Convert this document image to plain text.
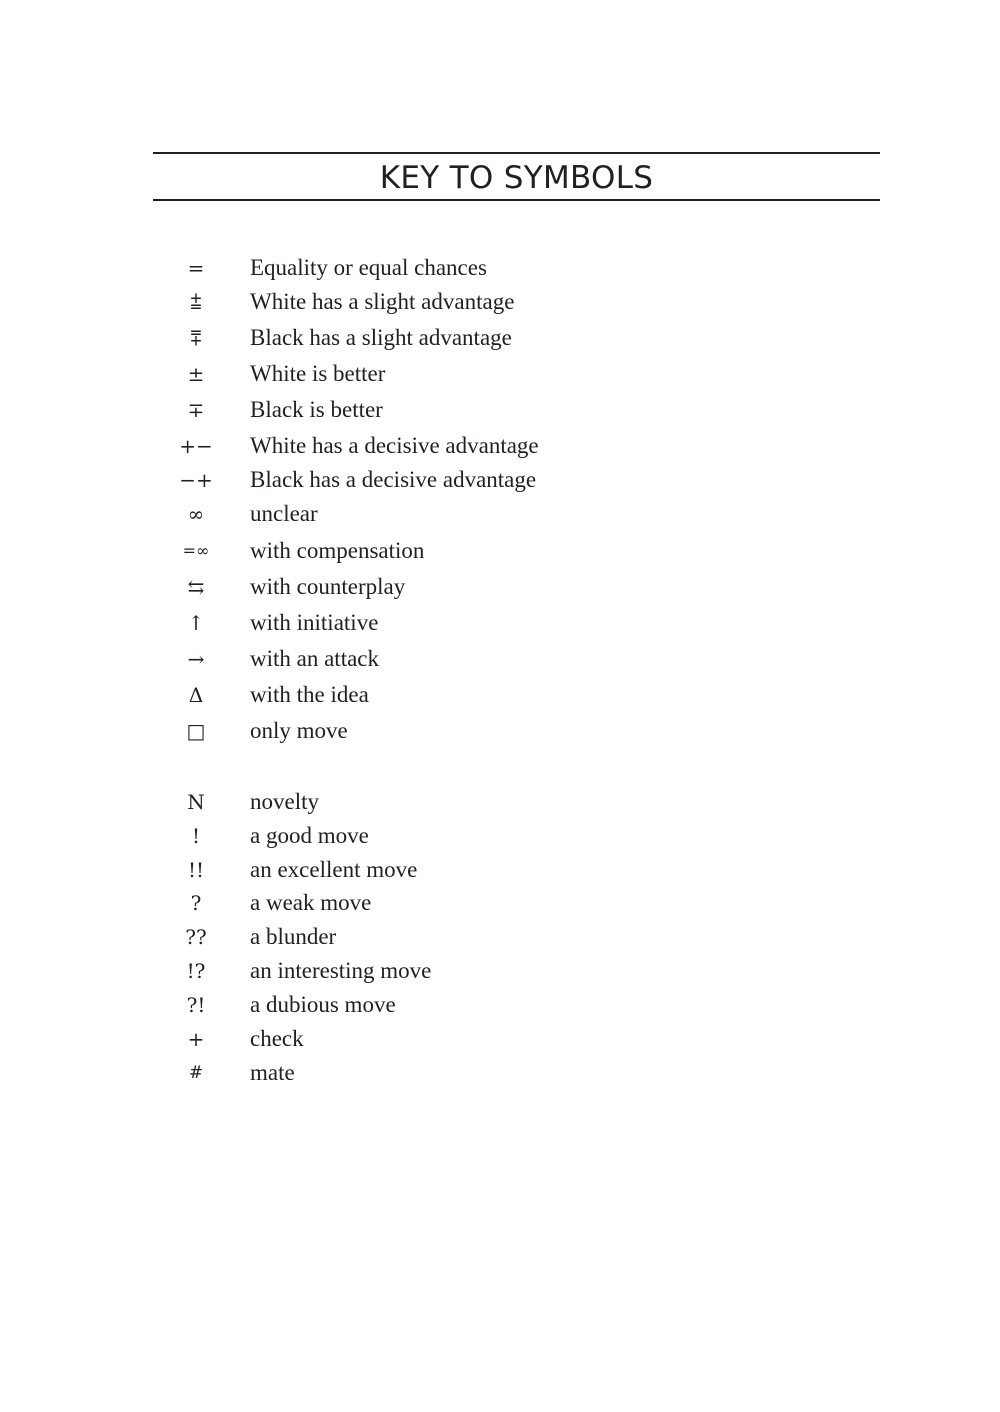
KEY TO SYMBOLS
=	Equality or equal chances
⩲	White has a slight advantage
⩱	Black has a slight advantage
±	White is better
∓	Black is better
+−	White has a decisive advantage
−+	Black has a decisive advantage
∞	unclear
=∞	with compensation
⇆	with counterplay
↑	with initiative
→	with an attack
Δ	with the idea
□	only move
N	novelty
!	a good move
!!	an excellent move
?	a weak move
??	a blunder
!?	an interesting move
?!	a dubious move
+	check
#	mate
